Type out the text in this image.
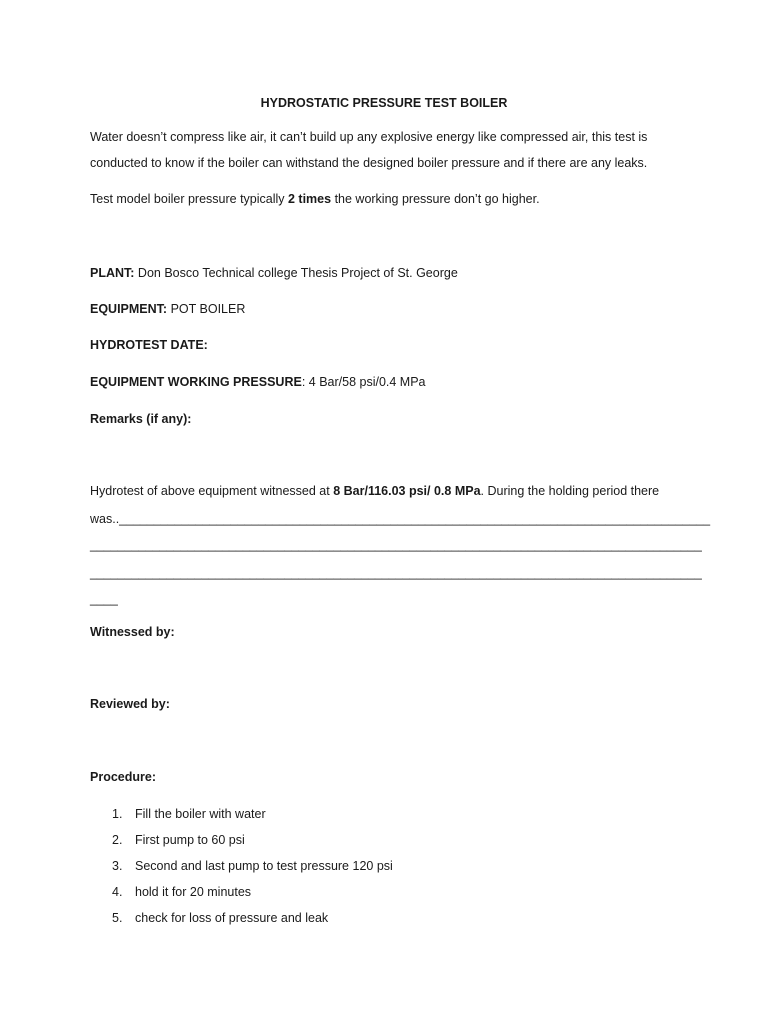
HYDROSTATIC PRESSURE TEST BOILER
Water doesn’t compress like air, it can’t build up any explosive energy like compressed air, this test is
conducted to know if the boiler can withstand the designed boiler pressure and if there are any leaks.
Test model boiler pressure typically 2 times the working pressure don’t go higher.
PLANT: Don Bosco Technical college Thesis Project of St. George
EQUIPMENT: POT BOILER
HYDROTEST DATE:
EQUIPMENT WORKING PRESSURE: 4 Bar/58 psi/0.4 MPa
Remarks (if any):
Hydrotest of above equipment witnessed at 8 Bar/116.03 psi/ 0.8 MPa. During the holding period there
was.._____________________________________________________________________________________
________________________________________________________________________________________
________________________________________________________________________________________
____
Witnessed by:
Reviewed by:
Procedure:
1. Fill the boiler with water
2. First pump to 60 psi
3. Second and last pump to test pressure 120 psi
4. hold it for 20 minutes
5. check for loss of pressure and leak
